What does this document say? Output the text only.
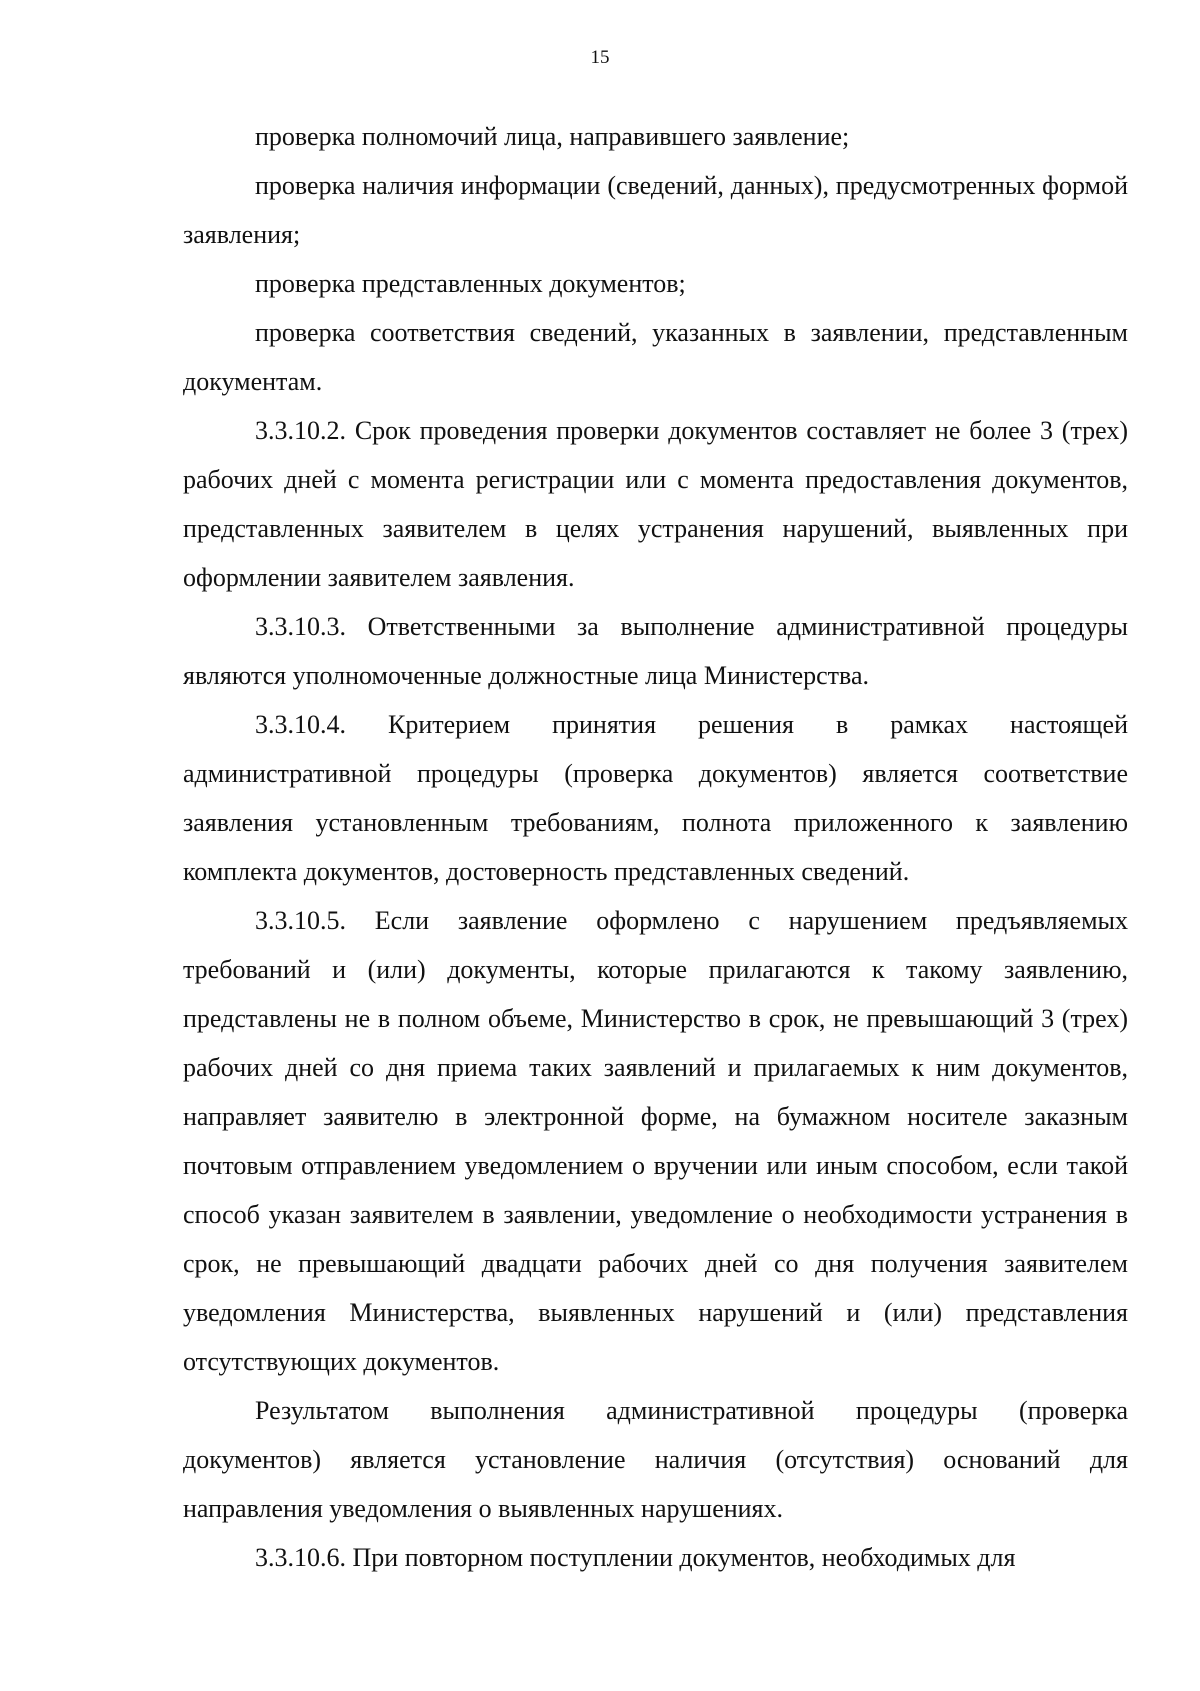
15

проверка полномочий лица, направившего заявление;

проверка наличия информации (сведений, данных), предусмотренных формой заявления;

проверка представленных документов;

проверка соответствия сведений, указанных в заявлении, представленным документам.

3.3.10.2. Срок проведения проверки документов составляет не более 3 (трех) рабочих дней с момента регистрации или с момента предоставления документов, представленных заявителем в целях устранения нарушений, выявленных при оформлении заявителем заявления.

3.3.10.3. Ответственными за выполнение административной процедуры являются уполномоченные должностные лица Министерства.

3.3.10.4. Критерием принятия решения в рамках настоящей административной процедуры (проверка документов) является соответствие заявления установленным требованиям, полнота приложенного к заявлению комплекта документов, достоверность представленных сведений.

3.3.10.5. Если заявление оформлено с нарушением предъявляемых требований и (или) документы, которые прилагаются к такому заявлению, представлены не в полном объеме, Министерство в срок, не превышающий 3 (трех) рабочих дней со дня приема таких заявлений и прилагаемых к ним документов, направляет заявителю в электронной форме, на бумажном носителе заказным почтовым отправлением уведомлением о вручении или иным способом, если такой способ указан заявителем в заявлении, уведомление о необходимости устранения в срок, не превышающий двадцати рабочих дней со дня получения заявителем уведомления Министерства, выявленных нарушений и (или) представления отсутствующих документов.

Результатом выполнения административной процедуры (проверка документов) является установление наличия (отсутствия) оснований для направления уведомления о выявленных нарушениях.

3.3.10.6. При повторном поступлении документов, необходимых для
